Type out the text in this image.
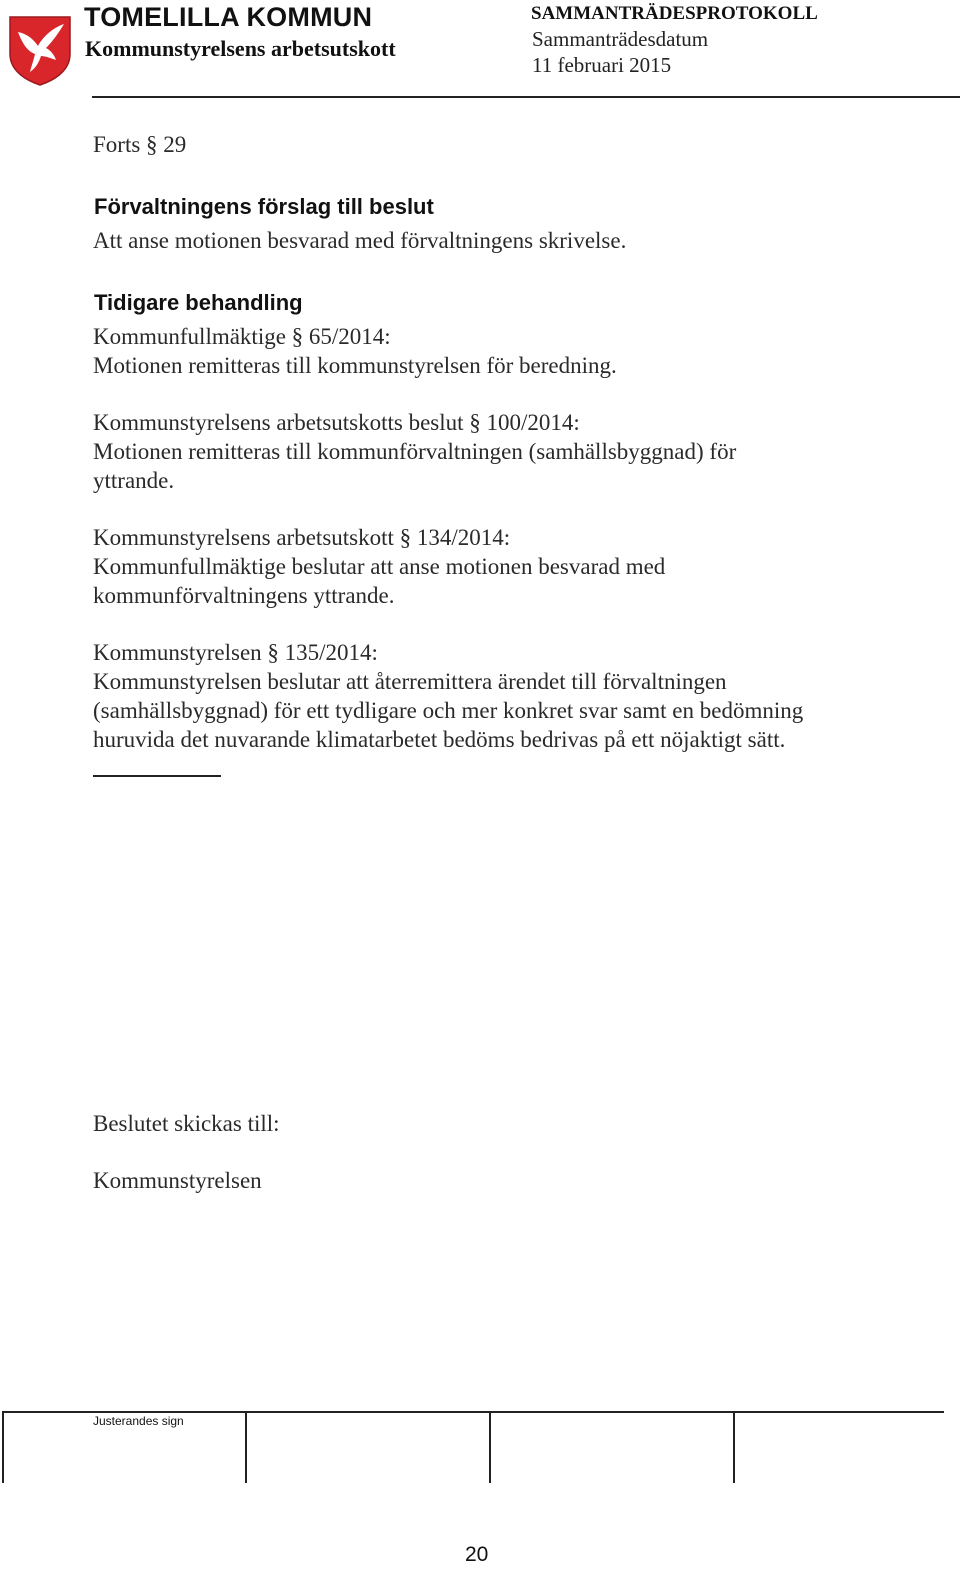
TOMELILLA KOMMUN
Kommunstyrelsens arbetsutskott
SAMMANTRÄDESPROTOKOLL
Sammanträdesdatum
11 februari 2015
Forts § 29
Förvaltningens förslag till beslut
Att anse motionen besvarad med förvaltningens skrivelse.
Tidigare behandling
Kommunfullmäktige § 65/2014:
Motionen remitteras till kommunstyrelsen för beredning.
Kommunstyrelsens arbetsutskotts beslut § 100/2014:
Motionen remitteras till kommunförvaltningen (samhällsbyggnad) för
yttrande.
Kommunstyrelsens arbetsutskott § 134/2014:
Kommunfullmäktige beslutar att anse motionen besvarad med
kommunförvaltningens yttrande.
Kommunstyrelsen § 135/2014:
Kommunstyrelsen beslutar att återremittera ärendet till förvaltningen
(samhällsbyggnad) för ett tydligare och mer konkret svar samt en bedömning
huruvida det nuvarande klimatarbetet bedöms bedrivas på ett nöjaktigt sätt.
Beslutet skickas till:
Kommunstyrelsen
Justerandes sign
20
